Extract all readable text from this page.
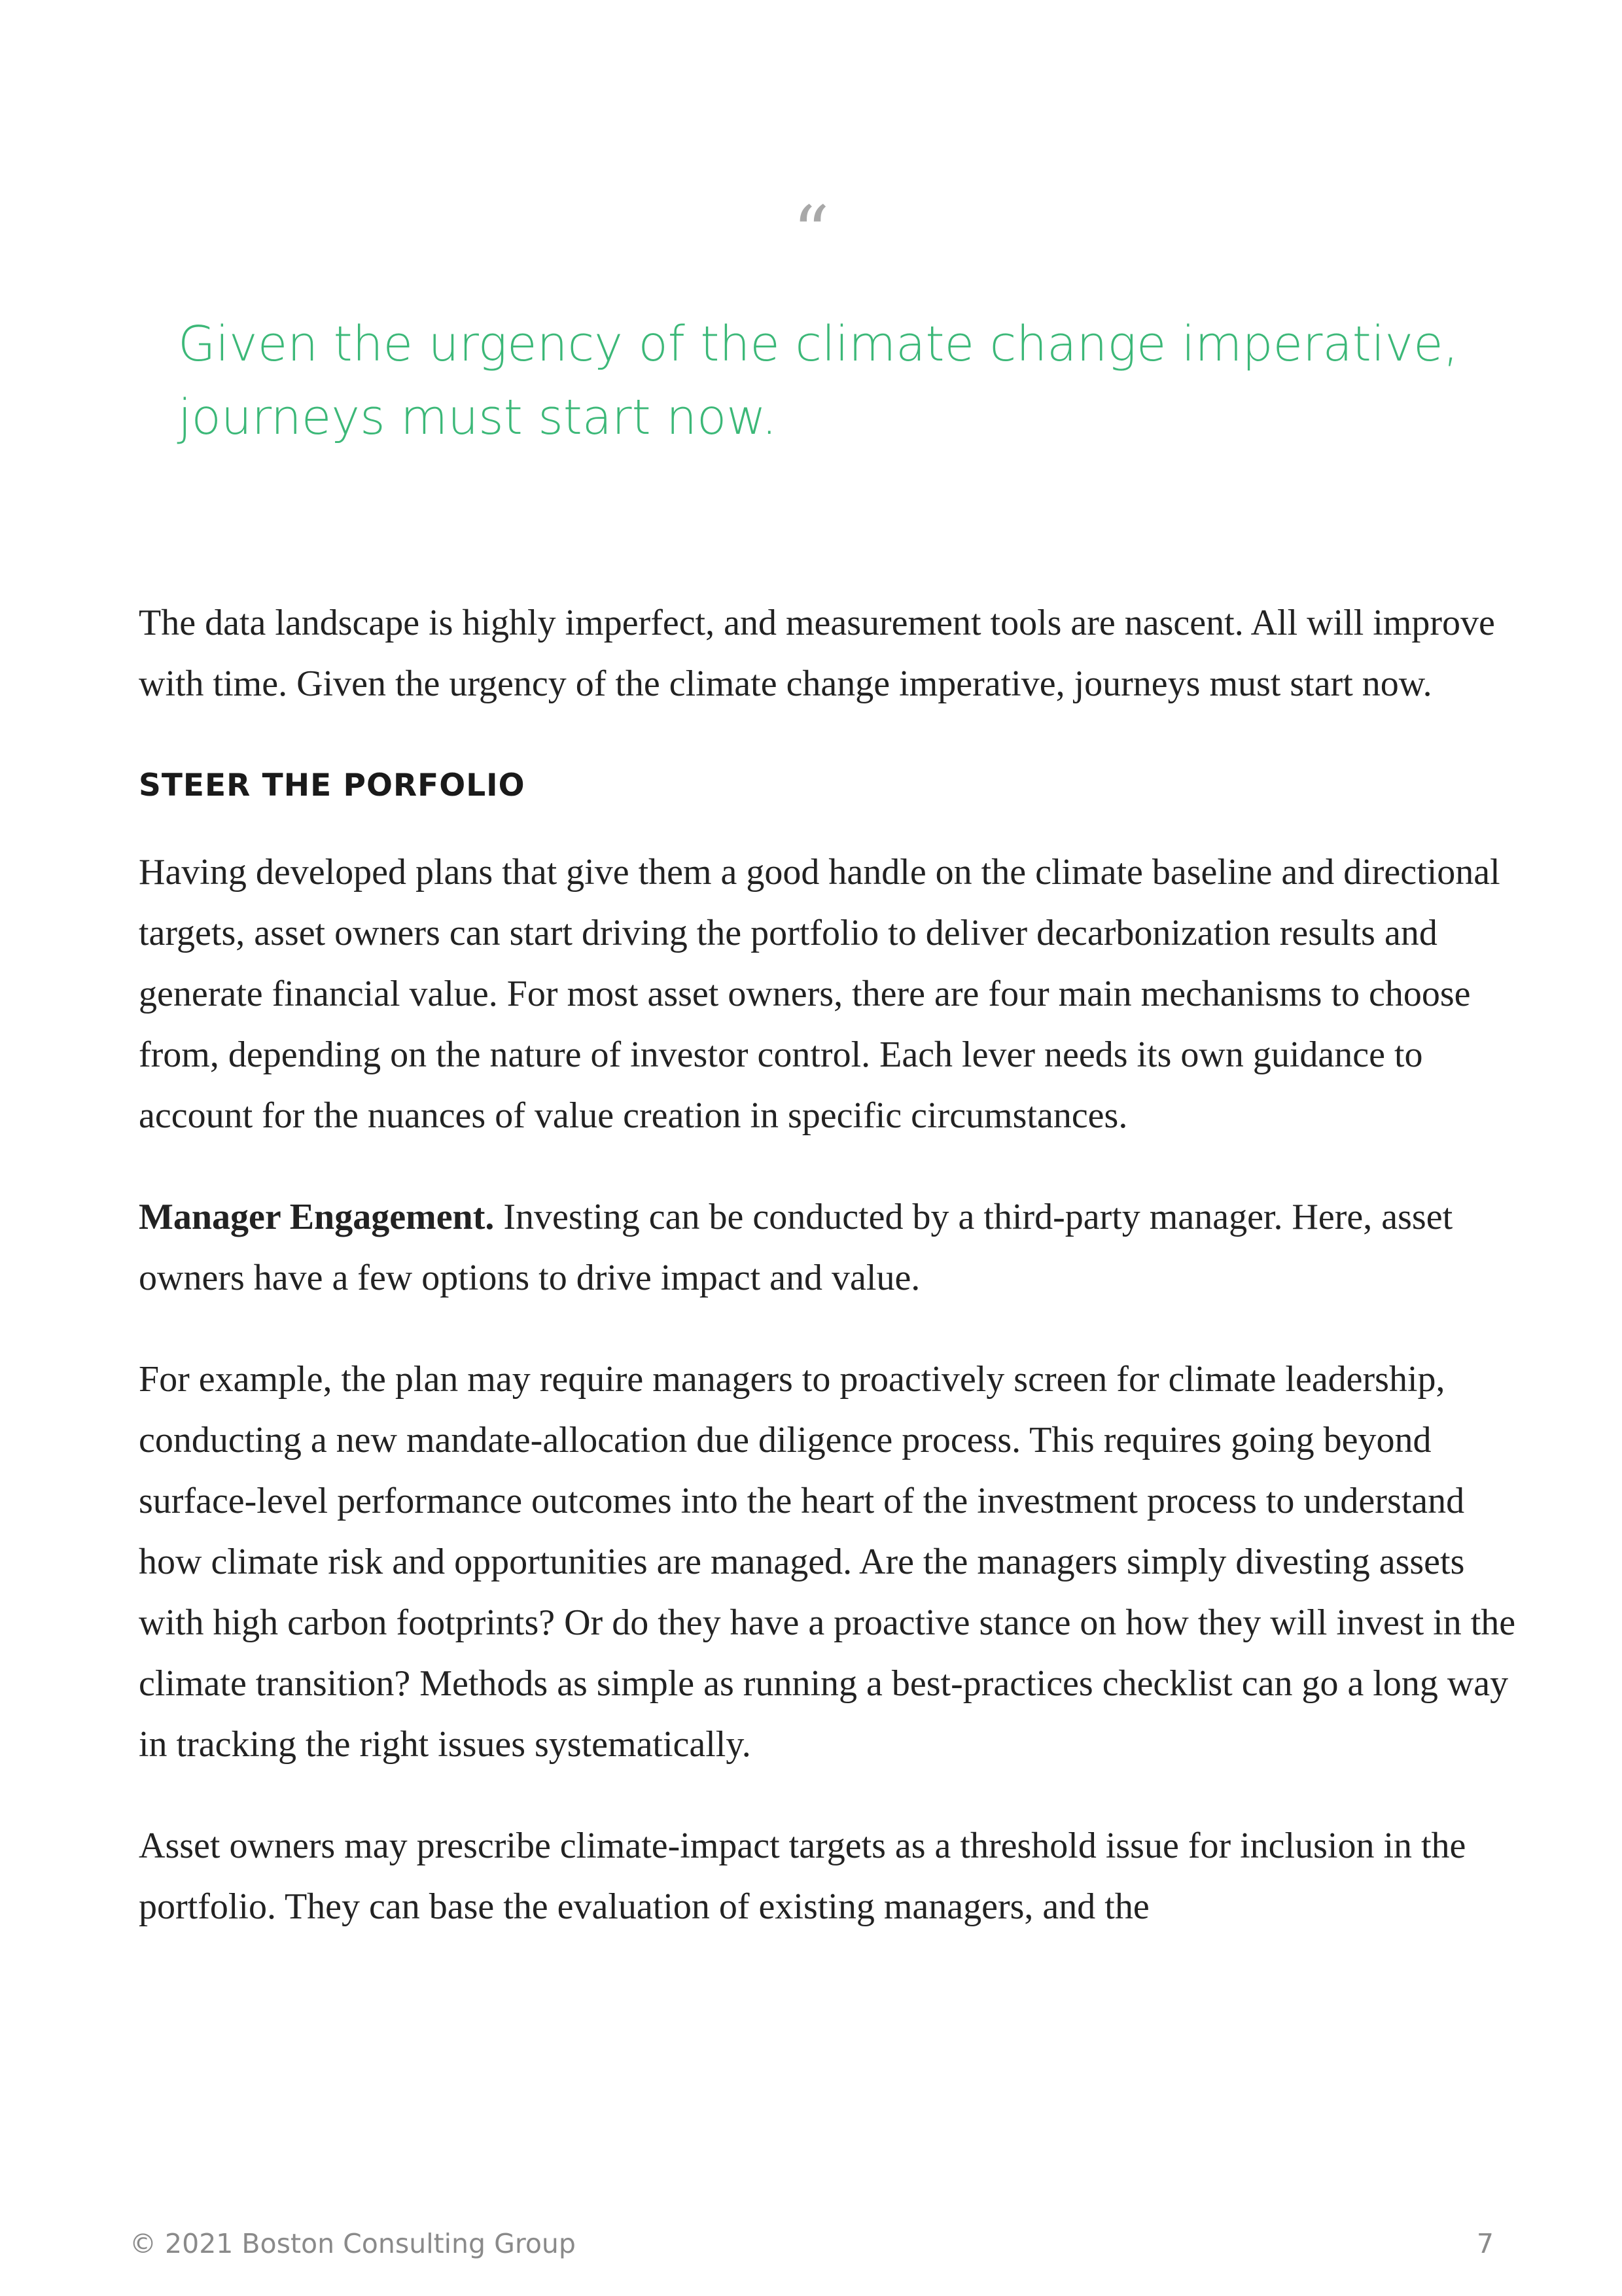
“

Given the urgency of the climate change imperative, journeys must start now.

The data landscape is highly imperfect, and measurement tools are nascent. All will improve with time. Given the urgency of the climate change imperative, journeys must start now.

STEER THE PORFOLIO

Having developed plans that give them a good handle on the climate baseline and directional targets, asset owners can start driving the portfolio to deliver decarbonization results and generate financial value. For most asset owners, there are four main mechanisms to choose from, depending on the nature of investor control. Each lever needs its own guidance to account for the nuances of value creation in specific circumstances.

Manager Engagement. Investing can be conducted by a third-party manager. Here, asset owners have a few options to drive impact and value.

For example, the plan may require managers to proactively screen for climate leadership, conducting a new mandate-allocation due diligence process. This requires going beyond surface-level performance outcomes into the heart of the investment process to understand how climate risk and opportunities are managed. Are the managers simply divesting assets with high carbon footprints? Or do they have a proactive stance on how they will invest in the climate transition? Methods as simple as running a best-practices checklist can go a long way in tracking the right issues systematically.

Asset owners may prescribe climate-impact targets as a threshold issue for inclusion in the portfolio. They can base the evaluation of existing managers, and the

© 2021 Boston Consulting Group	7
